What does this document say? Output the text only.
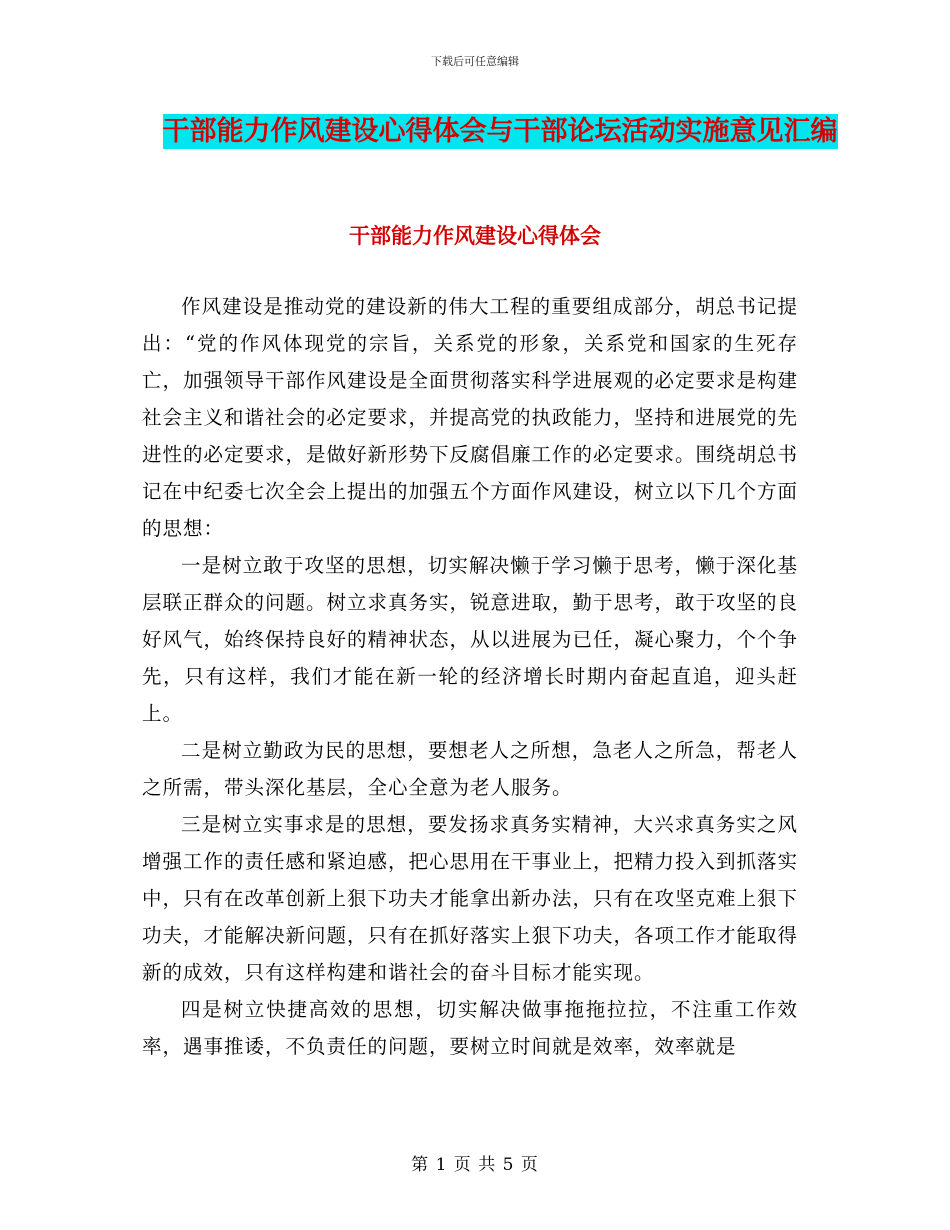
下载后可任意编辑
干部能力作风建设心得体会与干部论坛活动实施意见汇编
干部能力作风建设心得体会

作风建设是推动党的建设新的伟大工程的重要组成部分，胡总书记提出：“党的作风体现党的宗旨，关系党的形象，关系党和国家的生死存亡，加强领导干部作风建设是全面贯彻落实科学进展观的必定要求是构建社会主义和谐社会的必定要求，并提高党的执政能力，坚持和进展党的先进性的必定要求，是做好新形势下反腐倡廉工作的必定要求。围绕胡总书记在中纪委七次全会上提出的加强五个方面作风建设，树立以下几个方面的思想：

一是树立敢于攻坚的思想，切实解决懒于学习懒于思考，懒于深化基层联正群众的问题。树立求真务实，锐意进取，勤于思考，敢于攻坚的良好风气，始终保持良好的精神状态，从以进展为已任，凝心聚力，个个争先，只有这样，我们才能在新一轮的经济增长时期内奋起直追，迎头赶上。

二是树立勤政为民的思想，要想老人之所想，急老人之所急，帮老人之所需，带头深化基层，全心全意为老人服务。

三是树立实事求是的思想，要发扬求真务实精神，大兴求真务实之风增强工作的责任感和紧迫感，把心思用在干事业上，把精力投入到抓落实中，只有在改革创新上狠下功夫才能拿出新办法，只有在攻坚克难上狠下功夫，才能解决新问题，只有在抓好落实上狠下功夫，各项工作才能取得新的成效，只有这样构建和谐社会的奋斗目标才能实现。

四是树立快捷高效的思想，切实解决做事拖拖拉拉，不注重工作效率，遇事推诿，不负责任的问题，要树立时间就是效率，效率就是

第 1 页 共 5 页
